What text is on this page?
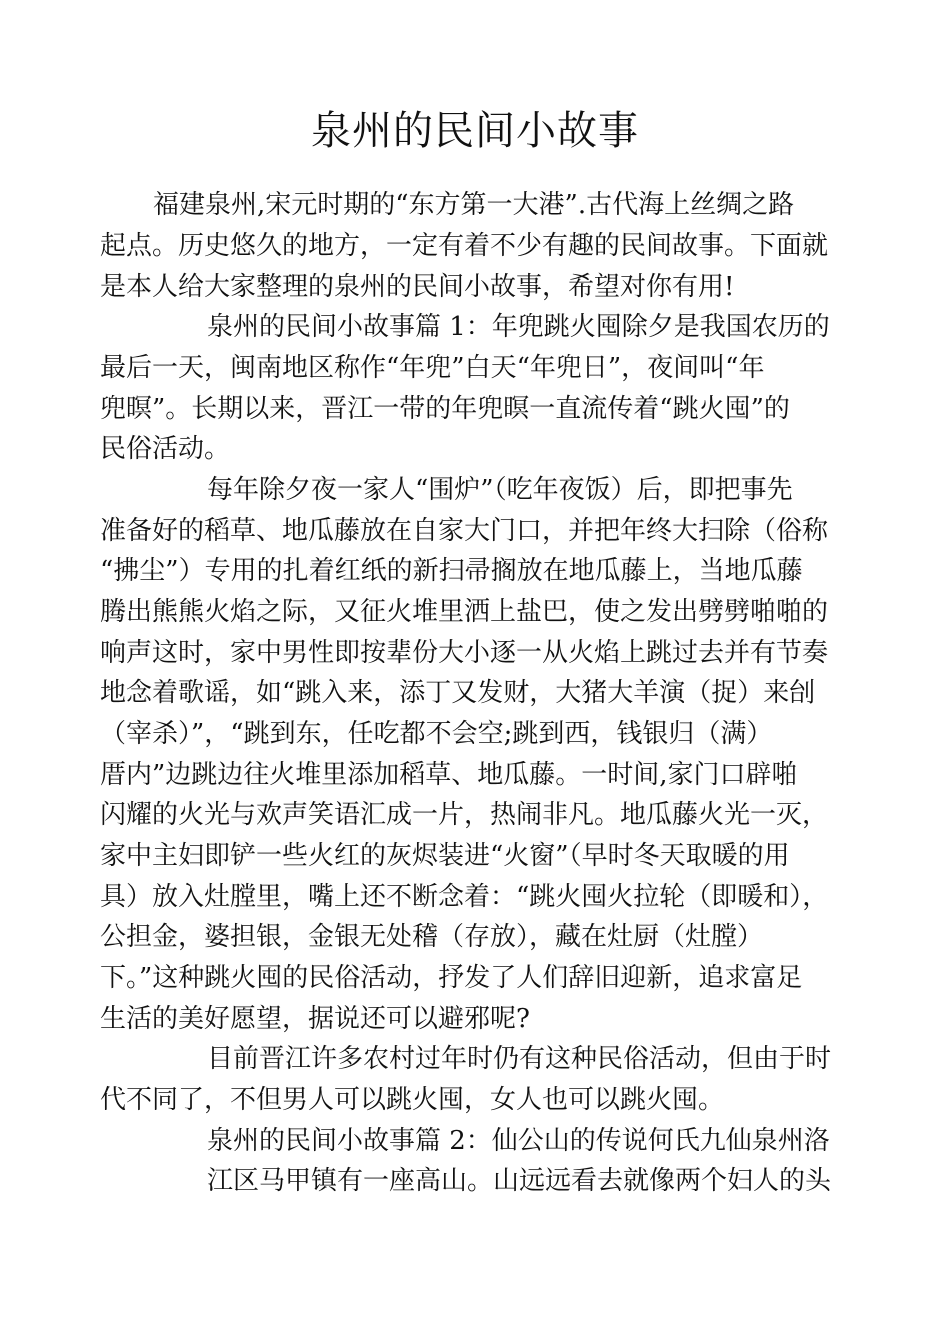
泉州的民间小故事

福建泉州,宋元时期的“东方第一大港”.古代海上丝绸之路

起点。历史悠久的地方，一定有着不少有趣的民间故事。下面就

是本人给大家整理的泉州的民间小故事，希望对你有用!

泉州的民间小故事篇 1：年兜跳火囤除夕是我国农历的

最后一天，闽南地区称作“年兜”白天“年兜日”，夜间叫“年

兜暝”。长期以来，晋江一带的年兜暝一直流传着“跳火囤”的

民俗活动。

每年除夕夜一家人“围炉”（吃年夜饭）后，即把事先

准备好的稻草、地瓜藤放在自家大门口，并把年终大扫除（俗称

“拂尘”）专用的扎着红纸的新扫帚搁放在地瓜藤上，当地瓜藤

腾出熊熊火焰之际，又征火堆里洒上盐巴，使之发出劈劈啪啪的

响声这时，家中男性即按辈份大小逐一从火焰上跳过去并有节奏

地念着歌谣，如“跳入来，添丁又发财，大猪大羊演（捉）来刣

（宰杀）”，“跳到东，任吃都不会空;跳到西，钱银归（满）

厝内”边跳边往火堆里添加稻草、地瓜藤。一时间,家门口辟啪

闪耀的火光与欢声笑语汇成一片，热闹非凡。地瓜藤火光一灭，

家中主妇即铲一些火红的灰烬装进“火窗”（早时冬天取暖的用

具）放入灶膛里，嘴上还不断念着：“跳火囤火拉轮（即暖和），

公担金，婆担银，金银无处稽（存放），藏在灶厨（灶膛）

下。”这种跳火囤的民俗活动，抒发了人们辞旧迎新，追求富足

生活的美好愿望，据说还可以避邪呢?

目前晋江许多农村过年时仍有这种民俗活动，但由于时

代不同了，不但男人可以跳火囤，女人也可以跳火囤。

泉州的民间小故事篇 2：仙公山的传说何氏九仙泉州洛

江区马甲镇有一座高山。山远远看去就像两个妇人的头
